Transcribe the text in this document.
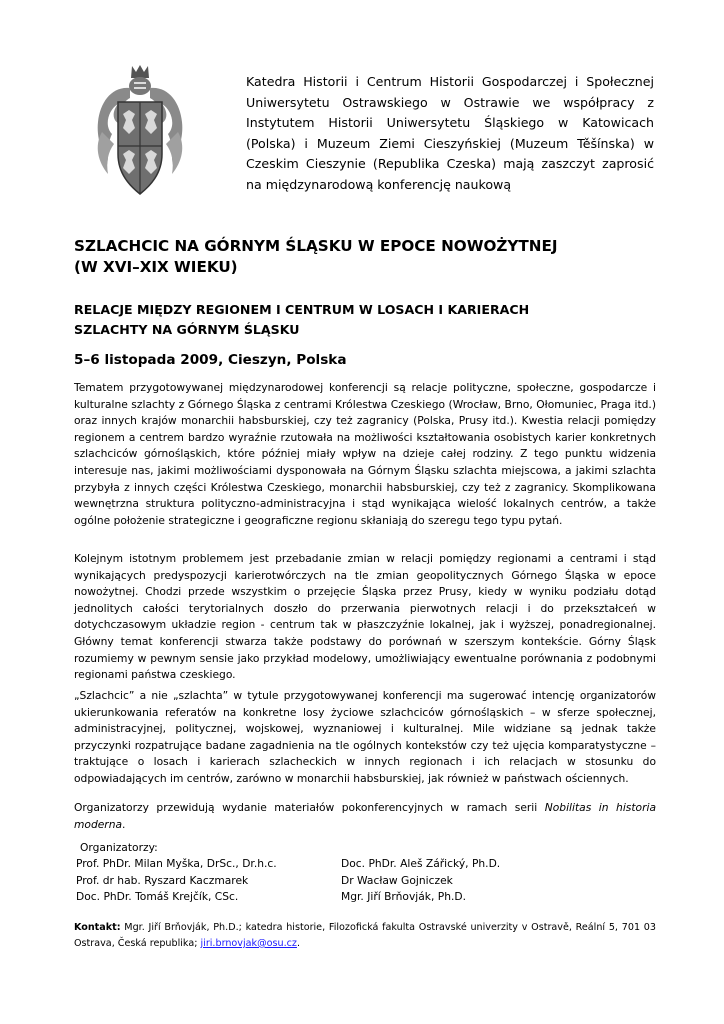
Katedra Historii i Centrum Historii Gospodarczej i Społecznej Uniwersytetu Ostrawskiego w Ostrawie we współpracy z Instytutem Historii Uniwersytetu Śląskiego w Katowicach (Polska) i Muzeum Ziemi Cieszyńskiej (Muzeum Těšínska) w Czeskim Cieszynie (Republika Czeska) mają zaszczyt zaprosić na międzynarodową konferencję naukową
SZLACHCIC NA GÓRNYM ŚLĄSKU W EPOCE NOWOŻYTNEJ
(W XVI–XIX WIEKU)
RELACJE MIĘDZY REGIONEM I CENTRUM W LOSACH I KARIERACH
SZLACHTY NA GÓRNYM ŚLĄSKU
5–6 listopada 2009, Cieszyn, Polska
Tematem przygotowywanej międzynarodowej konferencji są relacje polityczne, społeczne, gospodarcze i kulturalne szlachty z Górnego Śląska z centrami Królestwa Czeskiego (Wrocław, Brno, Ołomuniec, Praga itd.) oraz innych krajów monarchii habsburskiej, czy też zagranicy (Polska, Prusy itd.). Kwestia relacji pomiędzy regionem a centrem bardzo wyraźnie rzutowała na możliwości kształtowania osobistych karier konkretnych szlachciców górnośląskich, które później miały wpływ na dzieje całej rodziny. Z tego punktu widzenia interesuje nas, jakimi możliwościami dysponowała na Górnym Śląsku szlachta miejscowa, a jakimi szlachta przybyła z innych części Królestwa Czeskiego, monarchii habsburskiej, czy też z zagranicy. Skomplikowana wewnętrzna struktura polityczno-administracyjna i stąd wynikająca wielość lokalnych centrów, a także ogólne położenie strategiczne i geograficzne regionu skłaniają do szeregu tego typu pytań.
Kolejnym istotnym problemem jest przebadanie zmian w relacji pomiędzy regionami a centrami i stąd wynikających predyspozycji karierotwórczych na tle zmian geopolitycznych Górnego Śląska w epoce nowożytnej. Chodzi przede wszystkim o przejęcie Śląska przez Prusy, kiedy w wyniku podziału dotąd jednolitych całości terytorialnych doszło do przerwania pierwotnych relacji i do przekształceń w dotychczasowym układzie region - centrum tak w płaszczyźnie lokalnej, jak i wyższej, ponadregionalnej. Główny temat konferencji stwarza także podstawy do porównań w szerszym kontekście. Górny Śląsk rozumiemy w pewnym sensie jako przykład modelowy, umożliwiający ewentualne porównania z podobnymi regionami państwa czeskiego.
„Szlachcic” a nie „szlachta” w tytule przygotowywanej konferencji ma sugerować intencję organizatorów ukierunkowania referatów na konkretne losy życiowe szlachciców górnośląskich – w sferze społecznej, administracyjnej, politycznej, wojskowej, wyznaniowej i kulturalnej. Mile widziane są jednak także przyczynki rozpatrujące badane zagadnienia na tle ogólnych kontekstów czy też ujęcia komparatystyczne – traktujące o losach i karierach szlacheckich w innych regionach i ich relacjach w stosunku do odpowiadających im centrów, zarówno w monarchii habsburskiej, jak również w państwach ościennych.
Organizatorzy przewidują wydanie materiałów pokonferencyjnych w ramach serii Nobilitas in historia moderna.
Organizatorzy:
Prof. PhDr. Milan Myška, DrSc., Dr.h.c.
Prof. dr hab. Ryszard Kaczmarek
Doc. PhDr. Tomáš Krejčík, CSc.
Doc. PhDr. Aleš Zářický, Ph.D.
Dr Wacław Gojniczek
Mgr. Jiří Brňovják, Ph.D.
Kontakt: Mgr. Jiří Brňovják, Ph.D.; katedra historie, Filozofická fakulta Ostravské univerzity v Ostravě, Reální 5, 701 03 Ostrava, Česká republika; jiri.brnovjak@osu.cz.
